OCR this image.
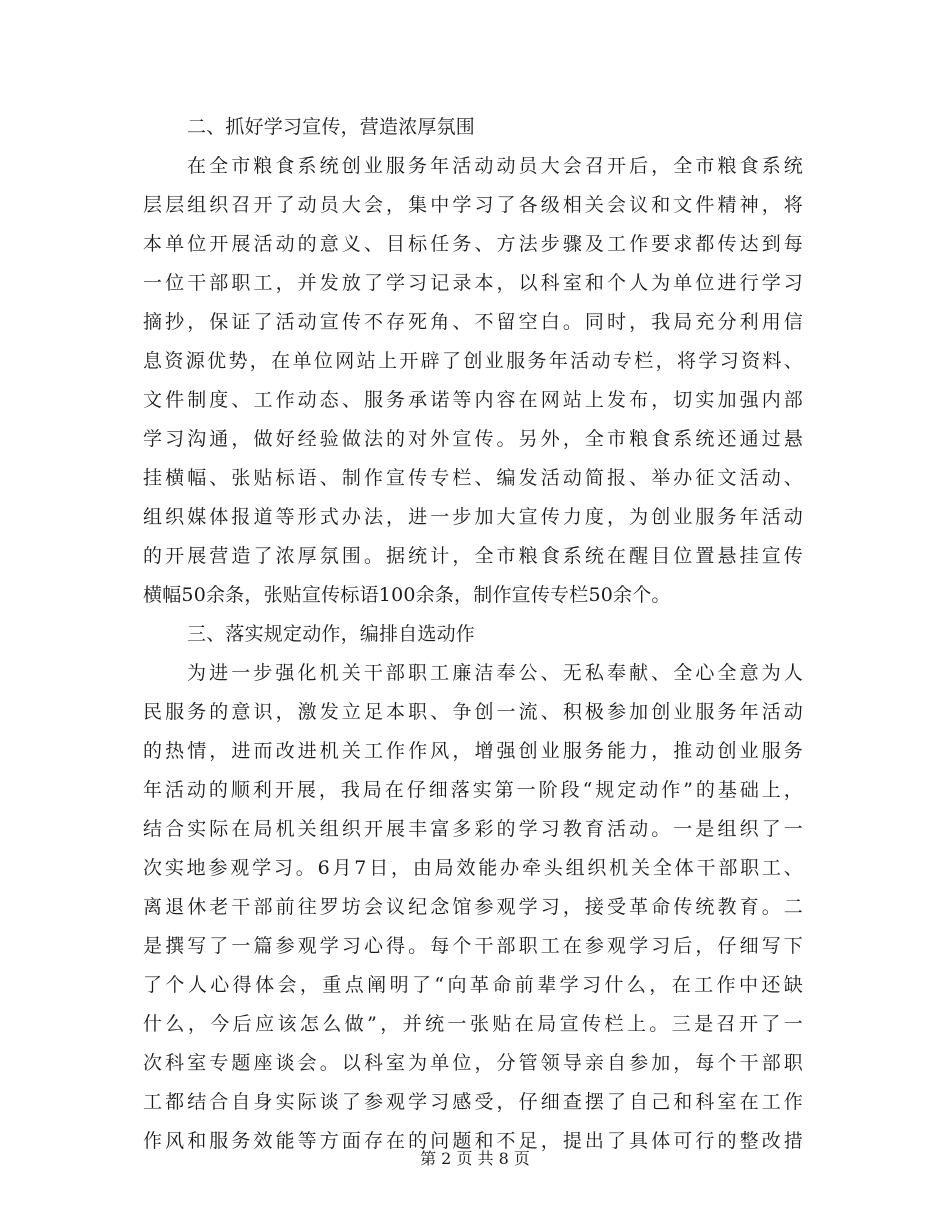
二、抓好学习宣传，营造浓厚氛围
在全市粮食系统创业服务年活动动员大会召开后，全市粮食系统
层层组织召开了动员大会，集中学习了各级相关会议和文件精神，将
本单位开展活动的意义、目标任务、方法步骤及工作要求都传达到每
一位干部职工，并发放了学习记录本，以科室和个人为单位进行学习
摘抄，保证了活动宣传不存死角、不留空白。同时，我局充分利用信
息资源优势，在单位网站上开辟了创业服务年活动专栏，将学习资料、
文件制度、工作动态、服务承诺等内容在网站上发布，切实加强内部
学习沟通，做好经验做法的对外宣传。另外，全市粮食系统还通过悬
挂横幅、张贴标语、制作宣传专栏、编发活动简报、举办征文活动、
组织媒体报道等形式办法，进一步加大宣传力度，为创业服务年活动
的开展营造了浓厚氛围。据统计，全市粮食系统在醒目位置悬挂宣传
横幅50余条，张贴宣传标语100余条，制作宣传专栏50余个。
三、落实规定动作，编排自选动作
为进一步强化机关干部职工廉洁奉公、无私奉献、全心全意为人
民服务的意识，激发立足本职、争创一流、积极参加创业服务年活动
的热情，进而改进机关工作作风，增强创业服务能力，推动创业服务
年活动的顺利开展，我局在仔细落实第一阶段“规定动作”的基础上，
结合实际在局机关组织开展丰富多彩的学习教育活动。一是组织了一
次实地参观学习。6月7日，由局效能办牵头组织机关全体干部职工、
离退休老干部前往罗坊会议纪念馆参观学习，接受革命传统教育。二
是撰写了一篇参观学习心得。每个干部职工在参观学习后，仔细写下
了个人心得体会，重点阐明了“向革命前辈学习什么，在工作中还缺
什么，今后应该怎么做”，并统一张贴在局宣传栏上。三是召开了一
次科室专题座谈会。以科室为单位，分管领导亲自参加，每个干部职
工都结合自身实际谈了参观学习感受，仔细查摆了自己和科室在工作
作风和服务效能等方面存在的问题和不足，提出了具体可行的整改措
第 2 页 共 8 页
